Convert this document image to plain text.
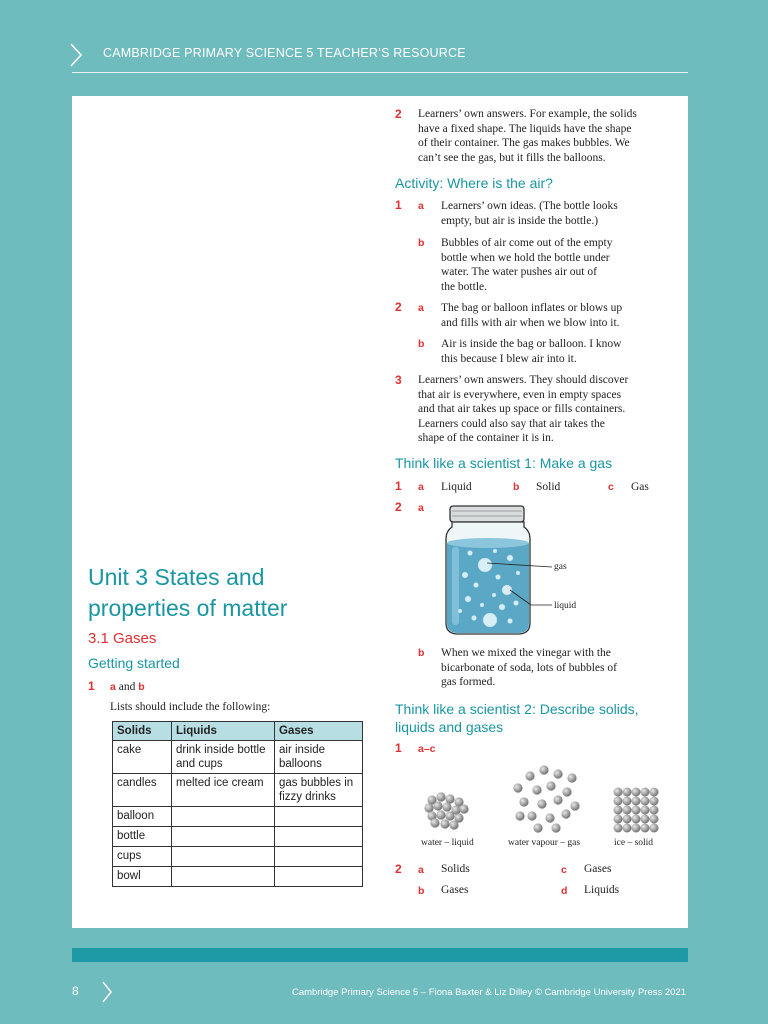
CAMBRIDGE PRIMARY SCIENCE 5 TEACHER’S RESOURCE
Unit 3 States and
properties of matter
3.1 Gases
Getting started
1 a and b
Lists should include the following:
Solids	Liquids	Gases
cake	drink inside bottle and cups	air inside balloons
candles	melted ice cream	gas bubbles in fizzy drinks
balloon		
bottle		
cups		
bowl		
2 Learners’ own answers. For example, the solids
have a fixed shape. The liquids have the shape
of their container. The gas makes bubbles. We
can’t see the gas, but it fills the balloons.
Activity: Where is the air?
1 a Learners’ own ideas. (The bottle looks
empty, but air is inside the bottle.)
b Bubbles of air come out of the empty
bottle when we hold the bottle under
water. The water pushes air out of
the bottle.
2 a The bag or balloon inflates or blows up
and fills with air when we blow into it.
b Air is inside the bag or balloon. I know
this because I blew air into it.
3 Learners’ own answers. They should discover
that air is everywhere, even in empty spaces
and that air takes up space or fills containers.
Learners could also say that air takes the
shape of the container it is in.
Think like a scientist 1: Make a gas
1 a Liquid	b Solid	c Gas
2 a
gas
liquid
b When we mixed the vinegar with the
bicarbonate of soda, lots of bubbles of
gas formed.
Think like a scientist 2: Describe solids,
liquids and gases
1 a–c
water – liquid	water vapour – gas	ice – solid
2 a Solids
b Gases
c Gases
d Liquids
8	Cambridge Primary Science 5 – Fiona Baxter & Liz Dilley © Cambridge University Press 2021
